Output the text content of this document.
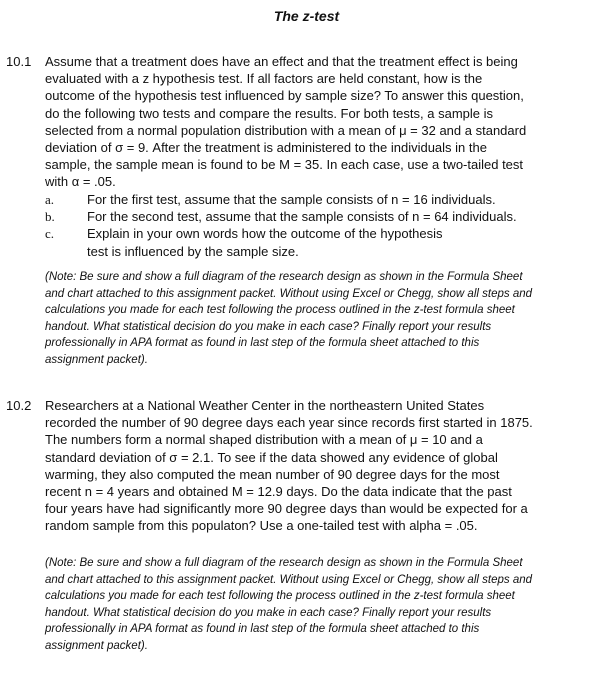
The z-test
10.1 Assume that a treatment does have an effect and that the treatment effect is being evaluated with a z hypothesis test. If all factors are held constant, how is the outcome of the hypothesis test influenced by sample size? To answer this question, do the following two tests and compare the results. For both tests, a sample is selected from a normal population distribution with a mean of μ = 32 and a standard deviation of σ = 9. After the treatment is administered to the individuals in the sample, the sample mean is found to be M = 35. In each case, use a two-tailed test with α = .05.

a.	For the first test, assume that the sample consists of n = 16 individuals.
b.	For the second test, assume that the sample consists of n = 64 individuals.
c.	Explain in your own words how the outcome of the hypothesis test is influenced by the sample size.

(Note: Be sure and show a full diagram of the research design as shown in the Formula Sheet and chart attached to this assignment packet. Without using Excel or Chegg, show all steps and calculations you made for each test following the process outlined in the z-test formula sheet handout. What statistical decision do you make in each case? Finally report your results professionally in APA format as found in last step of the formula sheet attached to this assignment packet).

10.2 Researchers at a National Weather Center in the northeastern United States recorded the number of 90 degree days each year since records first started in 1875. The numbers form a normal shaped distribution with a mean of μ = 10 and a standard deviation of σ = 2.1. To see if the data showed any evidence of global warming, they also computed the mean number of 90 degree days for the most recent n = 4 years and obtained M = 12.9 days. Do the data indicate that the past four years have had significantly more 90 degree days than would be expected for a random sample from this populaton? Use a one-tailed test with alpha = .05.

(Note: Be sure and show a full diagram of the research design as shown in the Formula Sheet and chart attached to this assignment packet. Without using Excel or Chegg, show all steps and calculations you made for each test following the process outlined in the z-test formula sheet handout. What statistical decision do you make in each case? Finally report your results professionally in APA format as found in last step of the formula sheet attached to this assignment packet).
